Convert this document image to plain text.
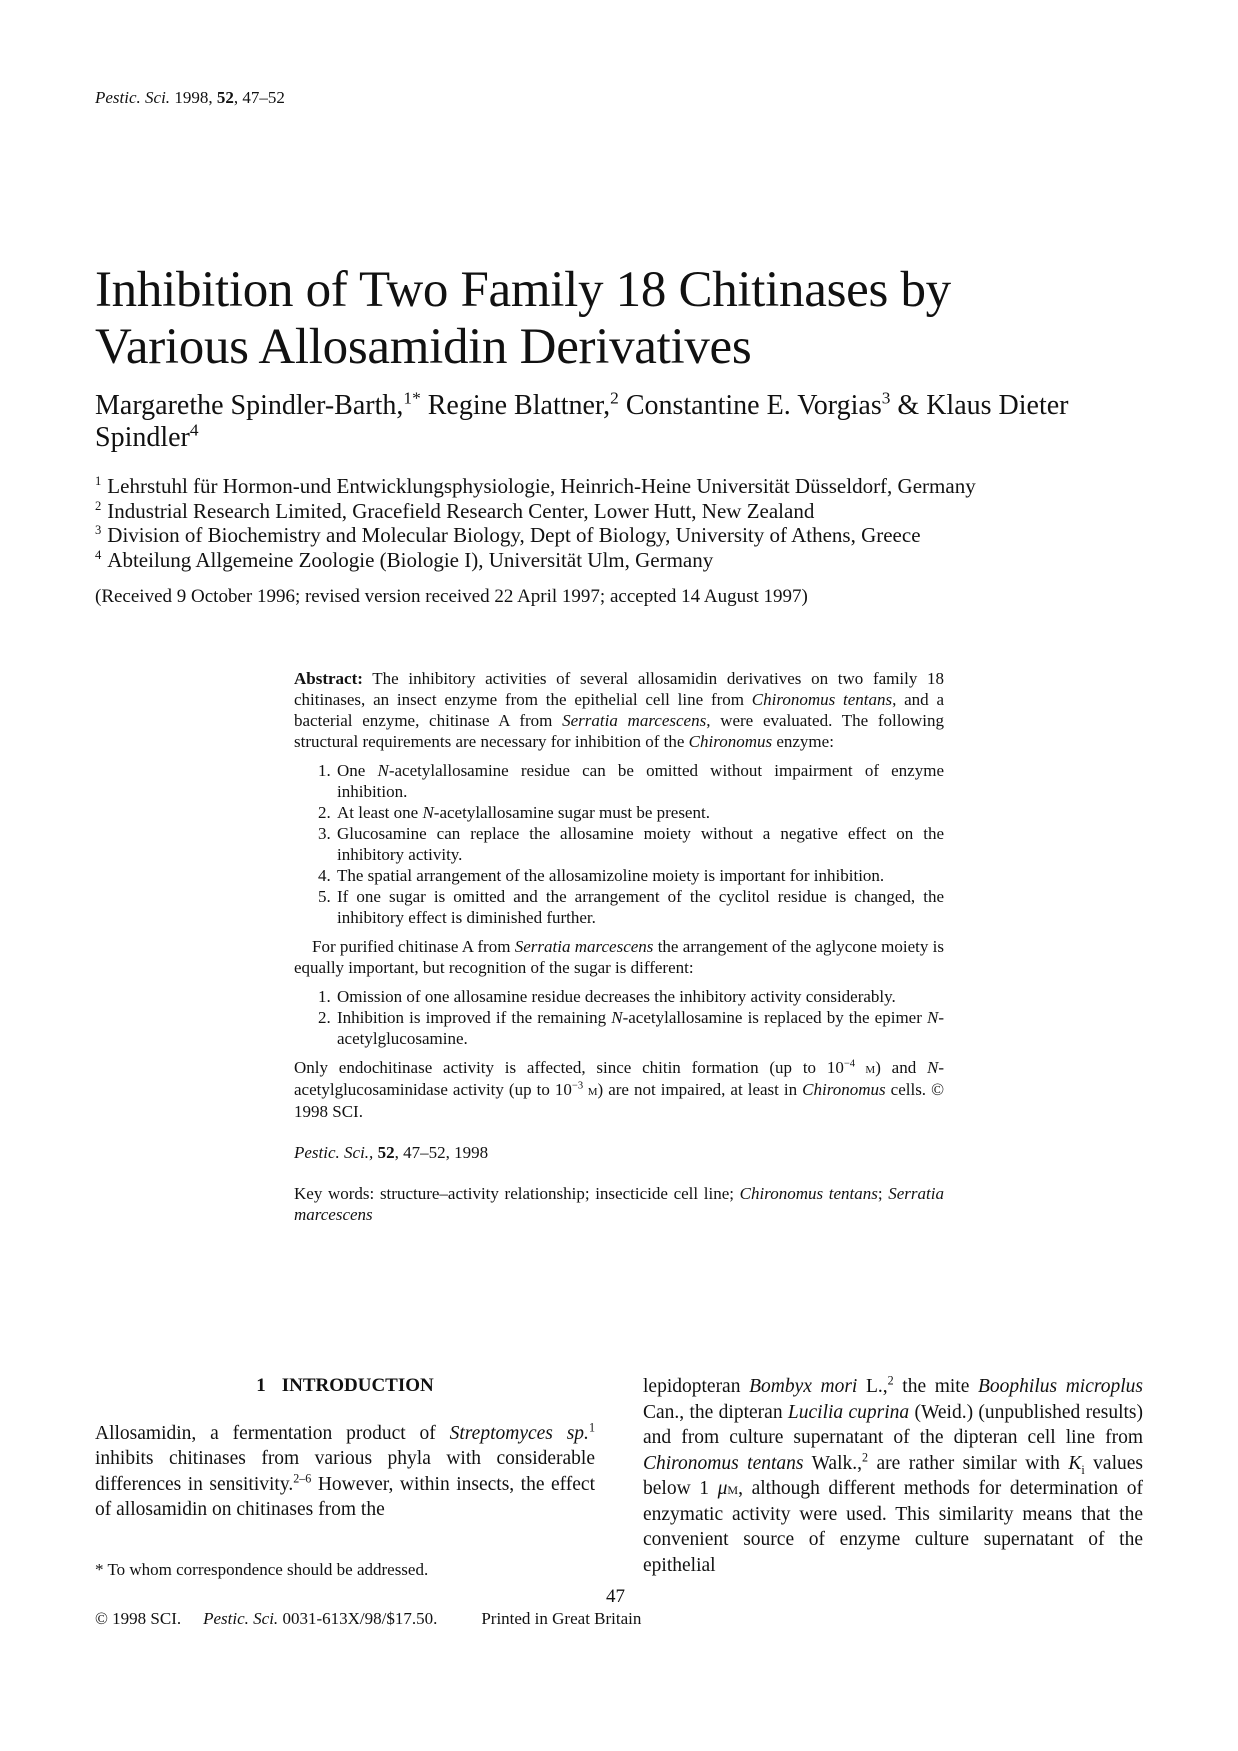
Pestic. Sci. 1998, 52, 47–52
Inhibition of Two Family 18 Chitinases by
Various Allosamidin Derivatives
Margarethe Spindler-Barth,$^{1*}$ Regine Blattner,$^2$ Constantine E. Vorgias$^3$ & Klaus Dieter Spindler$^4$
$^1$ Lehrstuhl für Hormon-und Entwicklungsphysiologie, Heinrich-Heine Universität Düsseldorf, Germany
$^2$ Industrial Research Limited, Gracefield Research Center, Lower Hutt, New Zealand
$^3$ Division of Biochemistry and Molecular Biology, Dept of Biology, University of Athens, Greece
$^4$ Abteilung Allgemeine Zoologie (Biologie I), Universität Ulm, Germany
(Received 9 October 1996; revised version received 22 April 1997; accepted 14 August 1997)

Abstract: The inhibitory activities of several allosamidin derivatives on two family 18 chitinases, an insect enzyme from the epithelial cell line from Chironomus tentans, and a bacterial enzyme, chitinase A from Serratia marcescens, were evaluated. The following structural requirements are necessary for inhibition of the Chironomus enzyme:

1. One N-acetylallosamine residue can be omitted without impairment of enzyme inhibition.
2. At least one N-acetylallosamine sugar must be present.
3. Glucosamine can replace the allosamine moiety without a negative effect on the inhibitory activity.
4. The spatial arrangement of the allosamizoline moiety is important for inhibition.
5. If one sugar is omitted and the arrangement of the cyclitol residue is changed, the inhibitory effect is diminished further.

For purified chitinase A from Serratia marcescens the arrangement of the aglycone moiety is equally important, but recognition of the sugar is different:

1. Omission of one allosamine residue decreases the inhibitory activity considerably.
2. Inhibition is improved if the remaining N-acetylallosamine is replaced by the epimer N-acetylglucosamine.

Only endochitinase activity is affected, since chitin formation (up to $10^{-4}$ м) and N-acetylglucosaminidase activity (up to $10^{-3}$ м) are not impaired, at least in Chironomus cells. © 1998 SCI.

Pestic. Sci., 52, 47–52, 1998

Key words: structure–activity relationship; insecticide cell line; Chironomus tentans; Serratia marcescens

1 INTRODUCTION

Allosamidin, a fermentation product of Streptomyces sp.$^1$ inhibits chitinases from various phyla with considerable differences in sensitivity.$^{2-6}$ However, within insects, the effect of allosamidin on chitinases from the

lepidopteran Bombyx mori L.,$^2$ the mite Boophilus microplus Can., the dipteran Lucilia cuprina (Weid.) (unpublished results) and from culture supernatant of the dipteran cell line from Chironomus tentans Walk.,$^2$ are rather similar with $K_i$ values below 1 μм, although different methods for determination of enzymatic activity were used. This similarity means that the convenient source of enzyme culture supernatant of the epithelial

* To whom correspondence should be addressed.
47
© 1998 SCI. Pestic. Sci. 0031-613X/98/$17.50.	Printed in Great Britain
